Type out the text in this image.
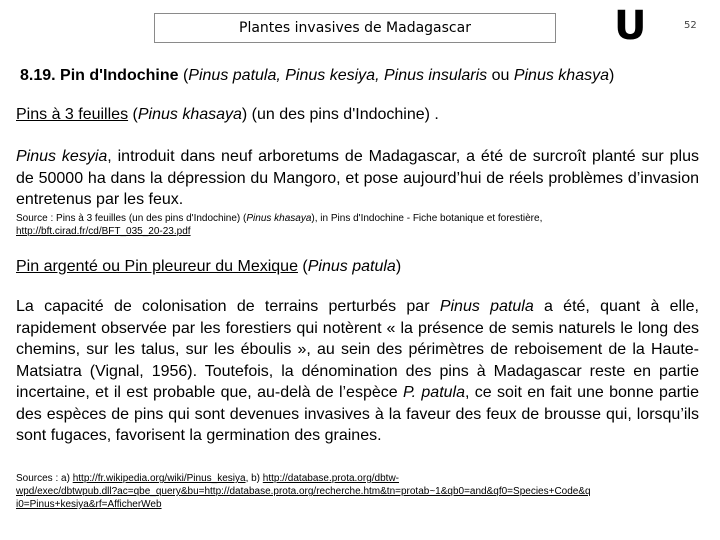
Plantes invasives de Madagascar	U	52
8.19. Pin d'Indochine (Pinus patula, Pinus kesiya, Pinus insularis ou Pinus khasya)
Pins à 3 feuilles (Pinus khasaya) (un des pins d'Indochine) .
Pinus kesyia, introduit dans neuf arboretums de Madagascar, a été de surcroît planté sur plus de 50000 ha dans la dépression du Mangoro, et pose aujourd’hui de réels problèmes d’invasion entretenus par les feux.
Source : Pins à 3 feuilles (un des pins d'Indochine) (Pinus khasaya), in Pins d'Indochine - Fiche botanique et forestière,
http://bft.cirad.fr/cd/BFT_035_20-23.pdf
Pin argenté ou Pin pleureur du Mexique (Pinus patula)
La capacité de colonisation de terrains perturbés par Pinus patula a été, quant à elle, rapidement observée par les forestiers qui notèrent « la présence de semis naturels le long des chemins, sur les talus, sur les éboulis », au sein des périmètres de reboisement de la Haute-Matsiatra (Vignal, 1956). Toutefois, la dénomination des pins à Madagascar reste en partie incertaine, et il est probable que, au-delà de l’espèce P. patula, ce soit en fait une bonne partie des espèces de pins qui sont devenues invasives à la faveur des feux de brousse qui, lorsqu’ils sont fugaces, favorisent la germination des graines.
Sources : a) http://fr.wikipedia.org/wiki/Pinus_kesiya, b) http://database.prota.org/dbtw-
wpd/exec/dbtwpub.dll?ac=qbe_query&bu=http://database.prota.org/recherche.htm&tn=protab~1&qb0=and&qf0=Species+Code&q
i0=Pinus+kesiya&rf=AfficherWeb
